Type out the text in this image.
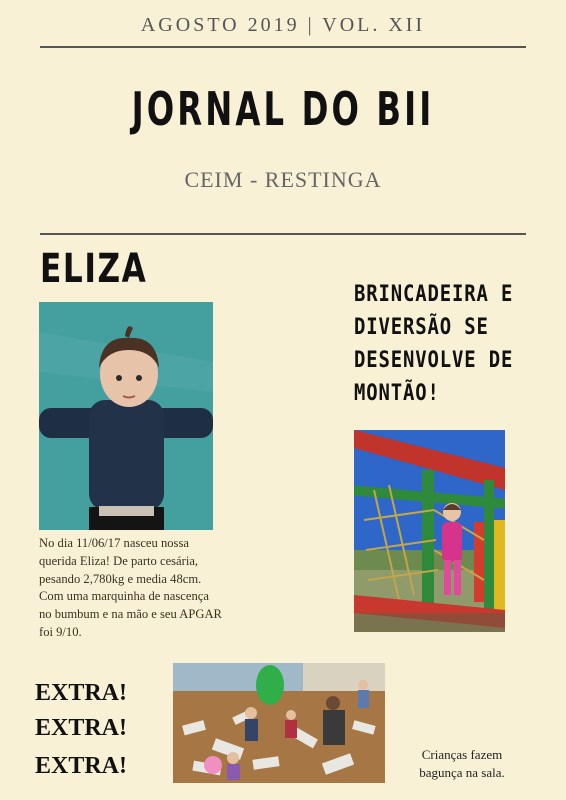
AGOSTO 2019 | VOL. XII
JORNAL DO BII
CEIM - RESTINGA
ELIZA
No dia 11/06/17 nasceu nossa querida Eliza! De parto cesária, pesando 2,780kg e media 48cm. Com uma marquinha de nascença no bumbum e na mão e seu APGAR foi 9/10.
BRINCADEIRA E DIVERSÃO SE DESENVOLVE DE MONTÃO!
EXTRA!
EXTRA!
EXTRA!	Crianças fazem bagunça na sala.
